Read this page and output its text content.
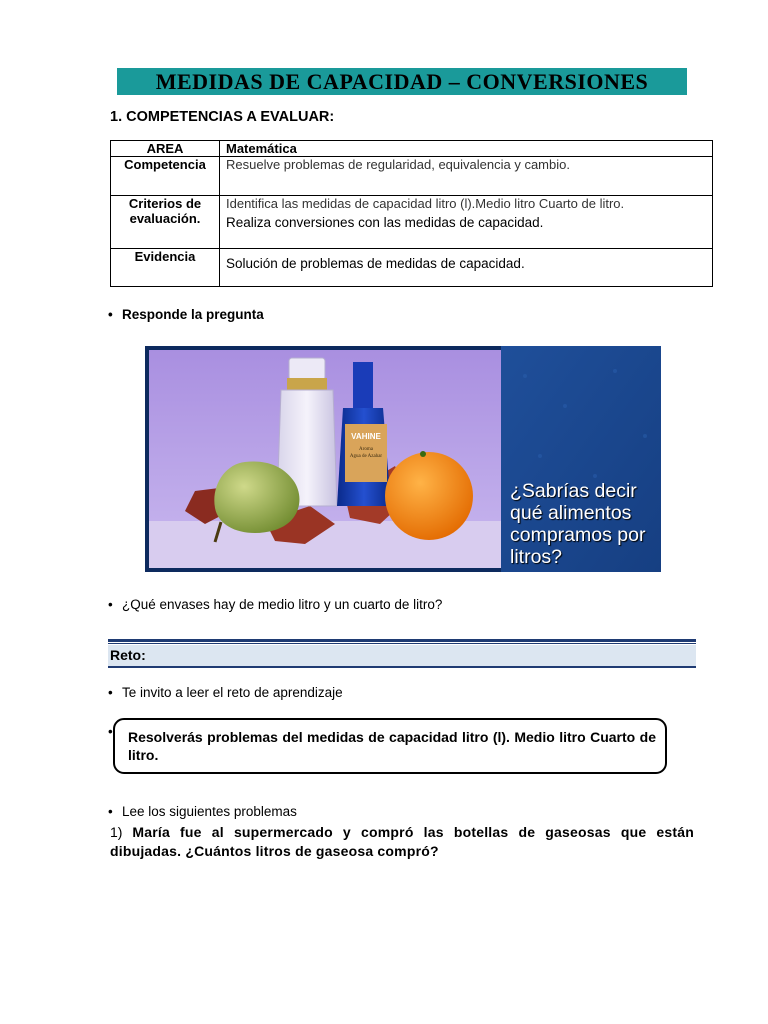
MEDIDAS DE CAPACIDAD – CONVERSIONES
1. COMPETENCIAS A EVALUAR:
AREA	Matemática
Competencia	Resuelve problemas de regularidad, equivalencia y cambio.

Criterios de evaluación.	Identifica las medidas de capacidad litro (l).Medio litro Cuarto de litro.
Realiza conversiones con las medidas de capacidad.

Evidencia	Solución de problemas de medidas de capacidad.
• Responde la pregunta
VAHINE
Aroma
Agua de Azahar
¿Sabrías decir qué alimentos compramos por litros?
• ¿Qué envases hay de medio litro y un cuarto de litro?
Reto:
• Te invito a leer el reto de aprendizaje
•	Resolverás problemas del medidas de capacidad litro (l). Medio litro Cuarto de litro.
• Lee los siguientes problemas
1) María fue al supermercado y compró las botellas de gaseosas que están dibujadas. ¿Cuántos litros de gaseosa compró?
